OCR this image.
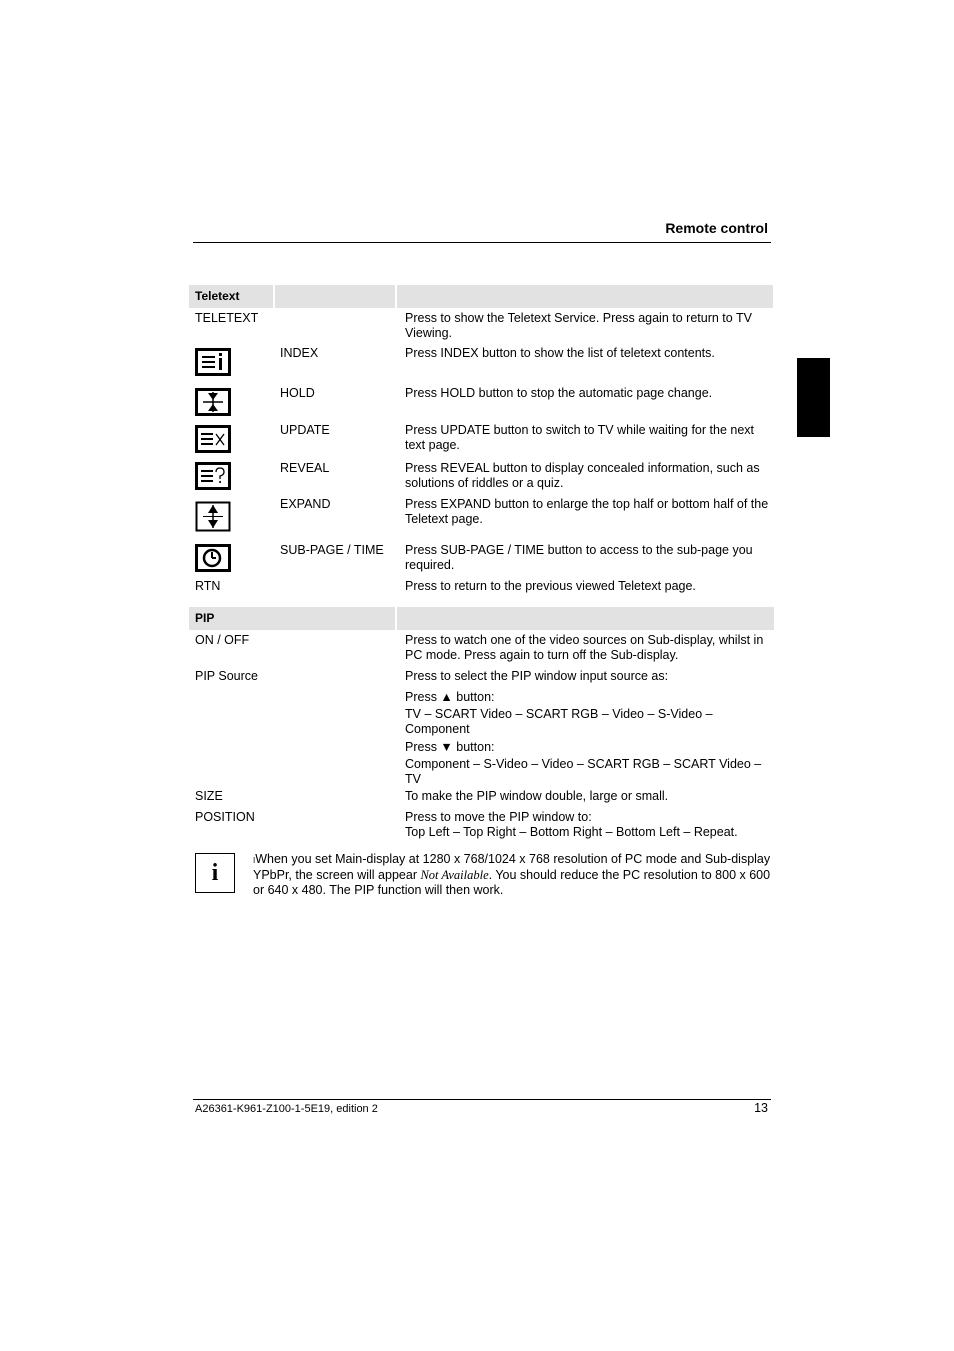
Remote control
Teletext
TELETEXT	Press to show the Teletext Service. Press again to return to TV Viewing.
INDEX	Press INDEX button to show the list of teletext contents.
HOLD	Press HOLD button to stop the automatic page change.
UPDATE	Press UPDATE button to switch to TV while waiting for the next text page.
REVEAL	Press REVEAL button to display concealed information, such as solutions of riddles or a quiz.
EXPAND	Press EXPAND button to enlarge the top half or bottom half of the Teletext page.
SUB-PAGE / TIME Press SUB-PAGE / TIME button to access to the sub-page you required.
RTN	Press to return to the previous viewed Teletext page.
PIP
ON / OFF	Press to watch one of the video sources on Sub-display, whilst in PC mode. Press again to turn off the Sub-display.
PIP Source	Press to select the PIP window input source as:
Press ▲ button:
TV – SCART Video – SCART RGB – Video – S-Video – Component
Press ▼ button:
Component – S-Video – Video – SCART RGB – SCART Video – TV
SIZE	To make the PIP window double, large or small.
POSITION	Press to move the PIP window to:
Top Left – Top Right – Bottom Right – Bottom Left – Repeat.
i	IWhen you set Main-display at 1280 x 768/1024 x 768 resolution of PC mode and Sub-display YPbPr, the screen will appear Not Available. You should reduce the PC resolution to 800 x 600 or 640 x 480. The PIP function will then work.
A26361-K961-Z100-1-5E19, edition 2	13
